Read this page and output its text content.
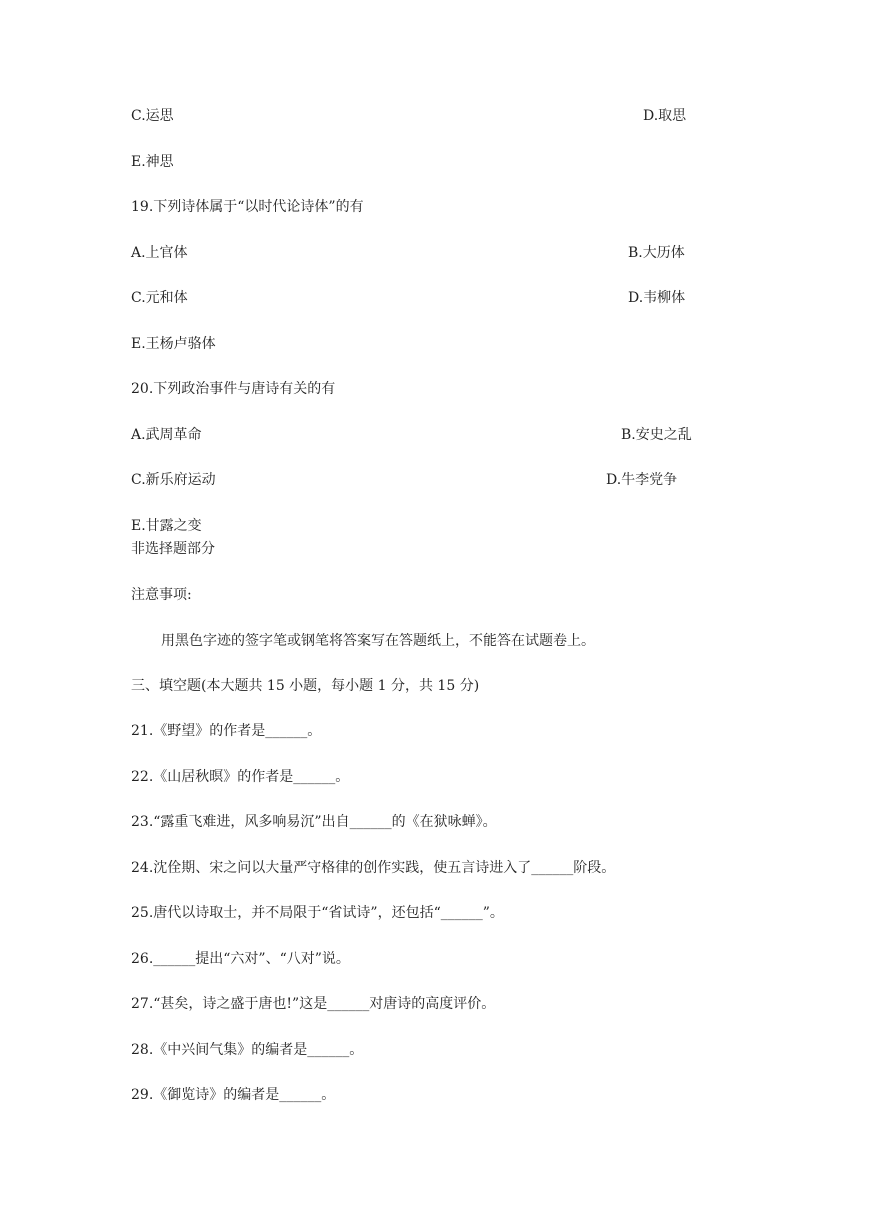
C.运思	D.取思
E.神思
19.下列诗体属于“以时代论诗体”的有
A.上官体	B.大历体
C.元和体	D.韦柳体
E.王杨卢骆体
20.下列政治事件与唐诗有关的有
A.武周革命	B.安史之乱
C.新乐府运动	D.牛李党争
E.甘露之变
非选择题部分
注意事项:
用黑色字迹的签字笔或钢笔将答案写在答题纸上，不能答在试题卷上。
三、填空题(本大题共 15 小题，每小题 1 分，共 15 分)
21.《野望》的作者是______。
22.《山居秋暝》的作者是______。
23.“露重飞难进，风多响易沉”出自______的《在狱咏蝉》。
24.沈佺期、宋之问以大量严守格律的创作实践，使五言诗进入了______阶段。
25.唐代以诗取士，并不局限于“省试诗”，还包括“______”。
26.______提出“六对”、“八对”说。
27.“甚矣，诗之盛于唐也!”这是______对唐诗的高度评价。
28.《中兴间气集》的编者是______。
29.《御览诗》的编者是______。
